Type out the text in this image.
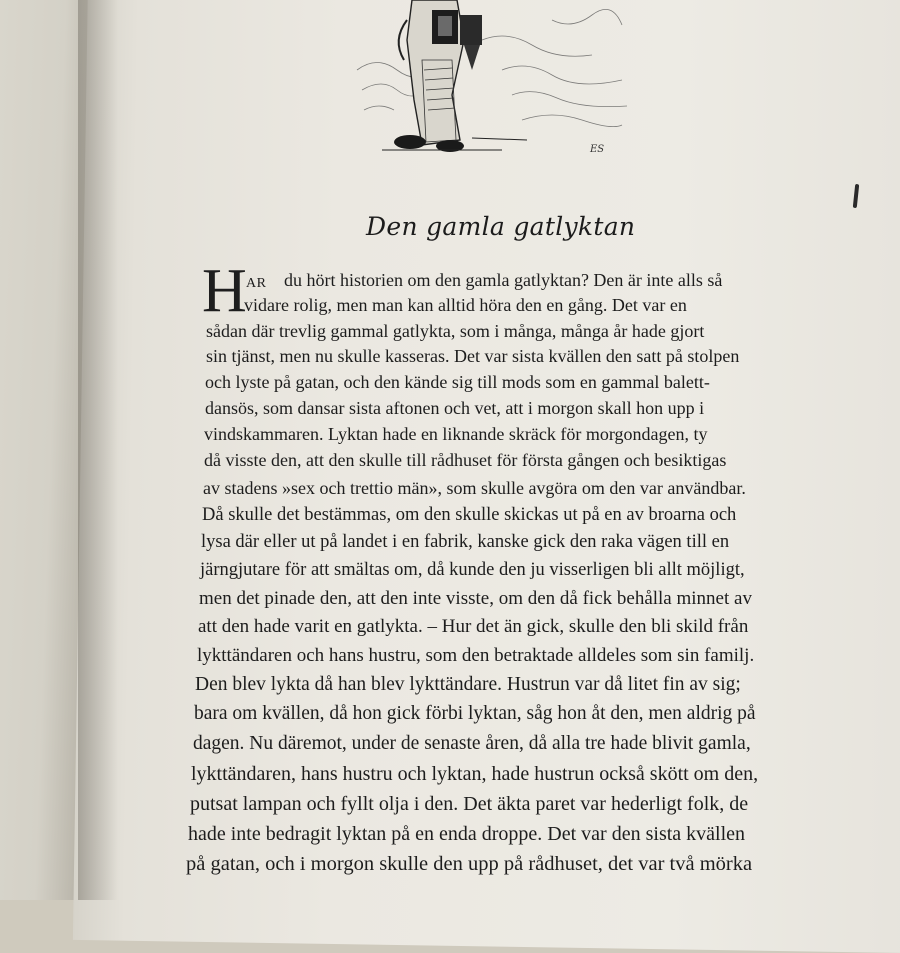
ES
Den gamla gatlyktan
H AR du hört historien om den gamla gatlyktan? Den är inte alls så
vidare rolig, men man kan alltid höra den en gång. Det var en
sådan där trevlig gammal gatlykta, som i många, många år hade gjort
sin tjänst, men nu skulle kasseras. Det var sista kvällen den satt på stolpen
och lyste på gatan, och den kände sig till mods som en gammal balett-
dansös, som dansar sista aftonen och vet, att i morgon skall hon upp i
vindskammaren. Lyktan hade en liknande skräck för morgondagen, ty
då visste den, att den skulle till rådhuset för första gången och besiktigas
av stadens »sex och trettio män», som skulle avgöra om den var användbar.
Då skulle det bestämmas, om den skulle skickas ut på en av broarna och
lysa där eller ut på landet i en fabrik, kanske gick den raka vägen till en
järngjutare för att smältas om, då kunde den ju visserligen bli allt möjligt,
men det pinade den, att den inte visste, om den då fick behålla minnet av
att den hade varit en gatlykta. – Hur det än gick, skulle den bli skild från
lykttändaren och hans hustru, som den betraktade alldeles som sin familj.
Den blev lykta då han blev lykttändare. Hustrun var då litet fin av sig;
bara om kvällen, då hon gick förbi lyktan, såg hon åt den, men aldrig på
dagen. Nu däremot, under de senaste åren, då alla tre hade blivit gamla,
lykttändaren, hans hustru och lyktan, hade hustrun också skött om den,
putsat lampan och fyllt olja i den. Det äkta paret var hederligt folk, de
hade inte bedragit lyktan på en enda droppe. Det var den sista kvällen
på gatan, och i morgon skulle den upp på rådhuset, det var två mörka
